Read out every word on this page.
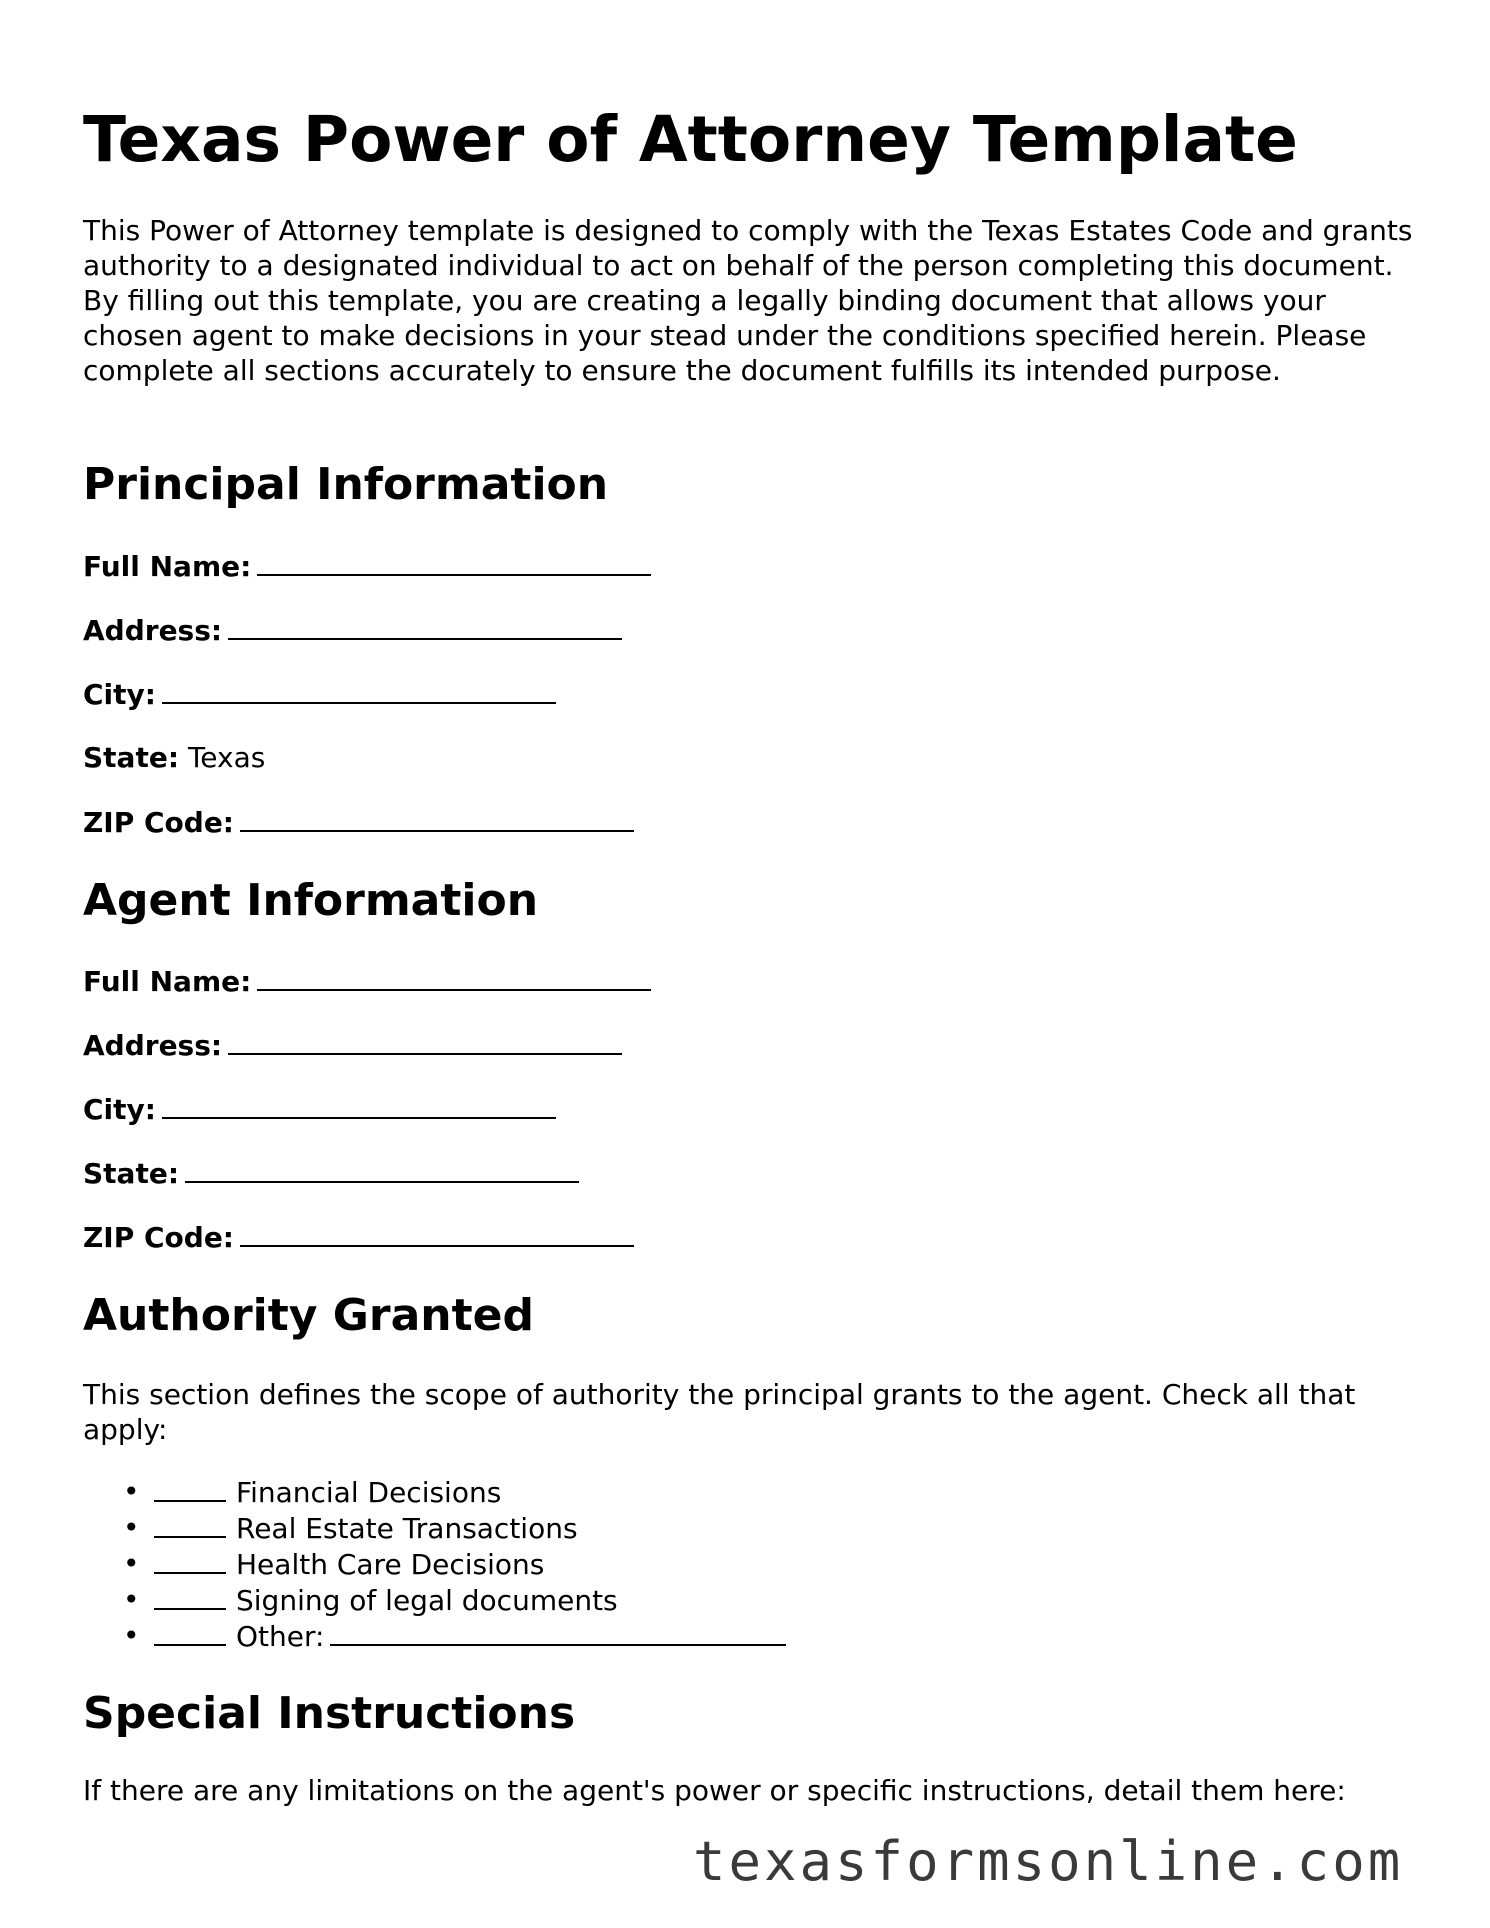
Texas Power of Attorney Template

This Power of Attorney template is designed to comply with the Texas Estates Code and grants authority to a designated individual to act on behalf of the person completing this document. By filling out this template, you are creating a legally binding document that allows your chosen agent to make decisions in your stead under the conditions specified herein. Please complete all sections accurately to ensure the document fulfills its intended purpose.

Principal Information
Full Name:
Address:
City:
State: Texas
ZIP Code:
Agent Information
Full Name:
Address:
City:
State:
ZIP Code:
Authority Granted

This section defines the scope of authority the principal grants to the agent. Check all that apply:

•	Financial Decisions
•	Real Estate Transactions
•	Health Care Decisions
•	Signing of legal documents
•	Other:
Special Instructions

If there are any limitations on the agent's power or specific instructions, detail them here:

texasformsonline.com
